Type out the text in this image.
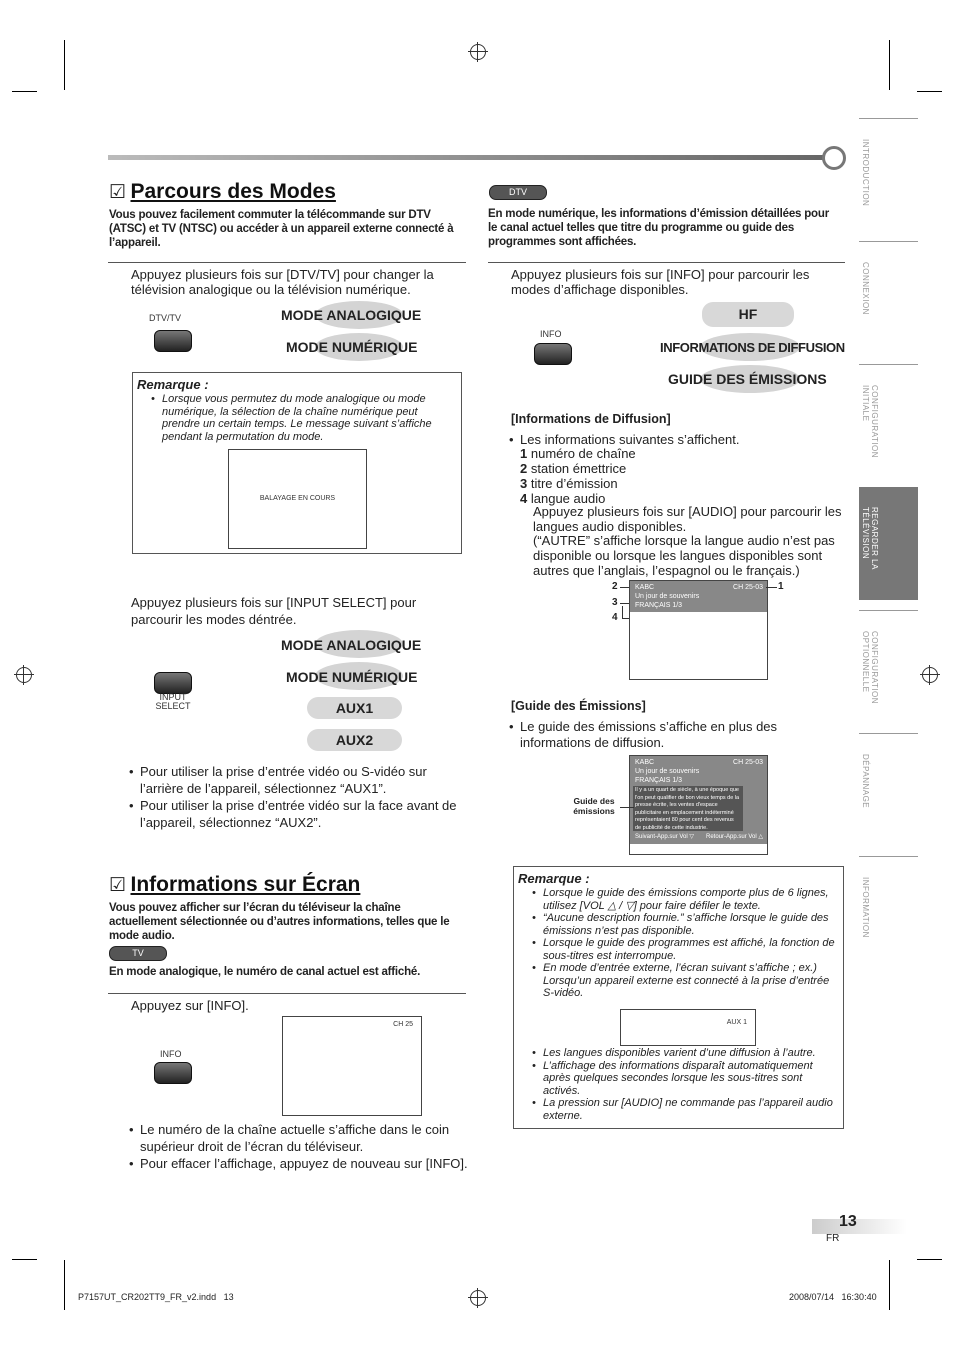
INTRODUCTION
CONNEXION
CONFIGURATION INITIALE
REGARDER LA TÉLÉVISION
CONFIGURATION OPTIONNELLE
DÉPANNAGE
INFORMATION
☑ Parcours des Modes
Vous pouvez facilement commuter la télécommande sur DTV (ATSC) et TV (NTSC) ou accéder à un appareil externe connecté à l’appareil.
Appuyez plusieurs fois sur [DTV/TV] pour changer la télévision analogique ou la télévision numérique.
DTV/TV	MODE ANALOGIQUE
MODE NUMÉRIQUE
Remarque :
• Lorsque vous permutez du mode analogique ou mode numérique, la sélection de la chaîne numérique peut prendre un certain temps. Le message suivant s’affiche pendant la permutation du mode.
BALAYAGE EN COURS
Appuyez plusieurs fois sur [INPUT SELECT] pour parcourir les modes déntrée.
MODE ANALOGIQUE
MODE NUMÉRIQUE
AUX1
AUX2
INPUT SELECT
• Pour utiliser la prise d’entrée vidéo ou S-vidéo sur l’arrière de l’appareil, sélectionnez “AUX1”.
• Pour utiliser la prise d’entrée vidéo sur la face avant de l’appareil, sélectionnez “AUX2”.
☑ Informations sur Écran
Vous pouvez afficher sur l’écran du téléviseur la chaîne actuellement sélectionnée ou d’autres informations, telles que le mode audio.
TV
En mode analogique, le numéro de canal actuel est affiché.
Appuyez sur [INFO].
INFO
CH 25
• Le numéro de la chaîne actuelle s’affiche dans le coin supérieur droit de l’écran du téléviseur.
• Pour effacer l’affichage, appuyez de nouveau sur [INFO].
DTV
En mode numérique, les informations d’émission détaillées pour le canal actuel telles que titre du programme ou guide des programmes sont affichées.
Appuyez plusieurs fois sur [INFO] pour parcourir les modes d’affichage disponibles.
INFO
HF
INFORMATIONS DE DIFFUSION
GUIDE DES ÉMISSIONS
[Informations de Diffusion]
• Les informations suivantes s’affichent.
1 numéro de chaîne
2 station émettrice
3 titre d’émission
4 langue audio
Appuyez plusieurs fois sur [AUDIO] pour parcourir les langues audio disponibles.
(“AUTRE” s’affiche lorsque la langue audio n’est pas disponible ou lorsque les langues disponibles sont autres que l’anglais, l’espagnol ou le français.)
KABC	CH 25-03
Un jour de souvenirs
FRANÇAIS 1/3
1
2
3
4
[Guide des Émissions]
• Le guide des émissions s’affiche en plus des informations de diffusion.
KABC	CH 25-03
Un jour de souvenirs
FRANÇAIS 1/3
Il y a un quart de siècle, à une époque que l'on peut qualifier de bon vieux temps de la presse écrite, les ventes d'espace publicitaire en emplacement indéterminé représentaient 80 pour cent des revenus de publicité de cette industrie.
Suivant-App.sur Vol ▽ Retour-App.sur Vol △
Guide des émissions
Remarque :
• Lorsque le guide des émissions comporte plus de 6 lignes, utilisez [VOL △ / ▽] pour faire défiler le texte.
• “Aucune description fournie.” s’affiche lorsque le guide des émissions n’est pas disponible.
• Lorsque le guide des programmes est affiché, la fonction de sous-titres est interrompue.
• En mode d’entrée externe, l’écran suivant s’affiche ; ex.) Lorsqu’un appareil externe est connecté à la prise d’entrée S-vidéo.
AUX 1
• Les langues disponibles varient d’une diffusion à l’autre.
• L’affichage des informations disparaît automatiquement après quelques secondes lorsque les sous-titres sont activés.
• La pression sur [AUDIO] ne commande pas l’appareil audio externe.
13
FR
P7157UT_CR202TT9_FR_v2.indd   13	2008/07/14   16:30:40
